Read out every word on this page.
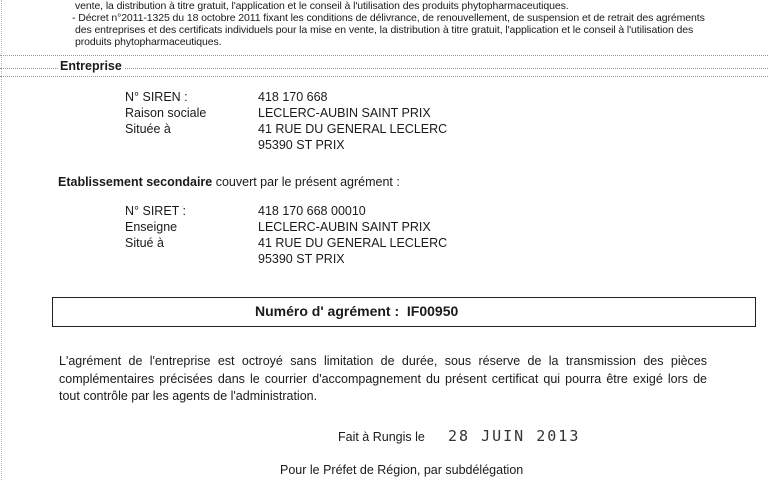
vente, la distribution à titre gratuit, l'application et le conseil à l'utilisation des produits phytopharmaceutiques.
- Décret n°2011-1325 du 18 octobre 2011 fixant les conditions de délivrance, de renouvellement, de suspension et de retrait des agréments
des entreprises et des certificats individuels pour la mise en vente, la distribution à titre gratuit, l'application et le conseil à l'utilisation des
produits phytopharmaceutiques.
Entreprise
N° SIREN :	418 170 668
Raison sociale	LECLERC-AUBIN SAINT PRIX
Située à	41 RUE DU GENERAL LECLERC
95390 ST PRIX
Etablissement secondaire couvert par le présent agrément :
N° SIRET :	418 170 668 00010
Enseigne	LECLERC-AUBIN SAINT PRIX
Situé à	41 RUE DU GENERAL LECLERC
95390 ST PRIX
Numéro d' agrément : IF00950
L'agrément de l'entreprise est octroyé sans limitation de durée, sous réserve de la transmission des pièces complémentaires précisées dans le courrier d'accompagnement du présent certificat qui pourra être exigé lors de tout contrôle par les agents de l'administration.
Fait à Rungis le 28 JUIN 2013
Pour le Préfet de Région, par subdélégation
